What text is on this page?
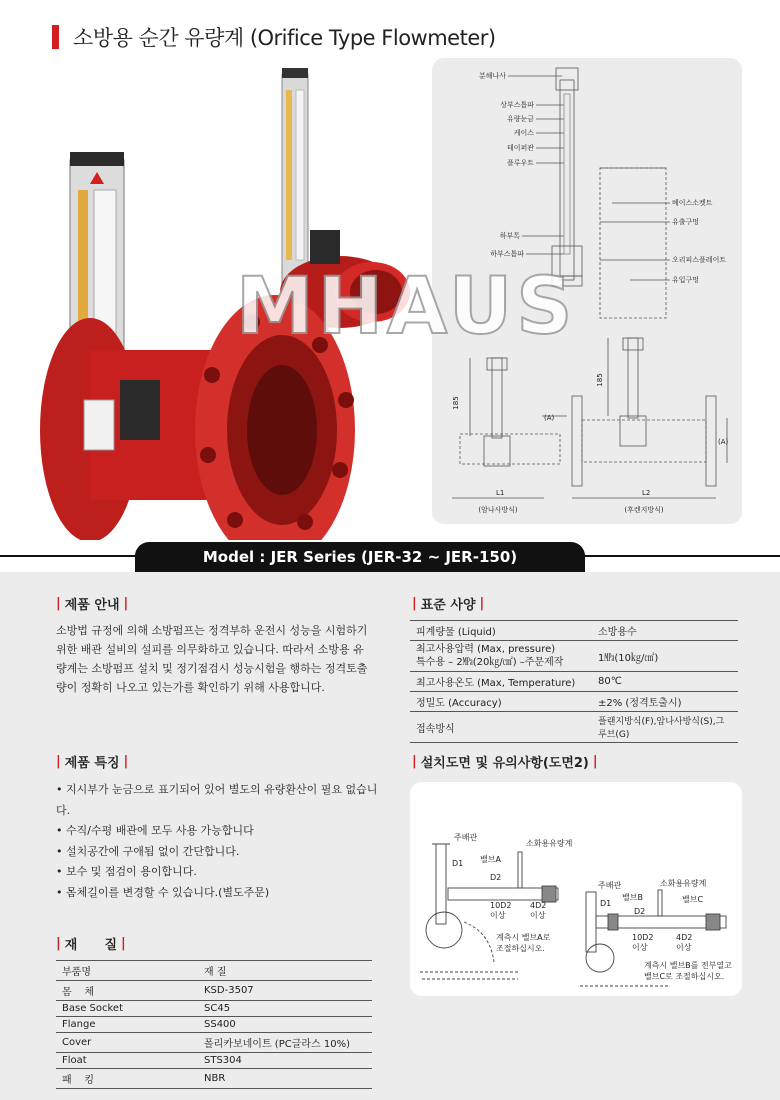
소방용 순간 유량계 (Orifice Type Flowmeter)
분해나사
상부스톱파
유량눈금
케이스
테이퍼관
플루우트
하부톡
하부스톱파
베이스소켓트
유출구멍
오리피스플레이트
유입구멍
185
185
(A)
(A)
L1	L2
(암나사방식)	(후렌지방식)
MHAUS
Model : JER Series (JER-32 ~ JER-150)
| 제품 안내 |
소방법 규정에 의해 소방펌프는 정격부하 운전시 성능을 시험하기위한 배관 설비의 설피를 의무화하고 있습니다. 따라서 소방용 유량계는 소방펌프 설치 및 정기점검시 성능시험을 행하는 정격토출량이 정확히 나오고 있는가를 확인하기 위해 사용합니다.
| 제품 특징 |
• 지시부가 눈금으로 표기되어 있어 별도의 유량환산이 필요 없습니다.
• 수직/수평 배관에 모두 사용 가능합니다
• 설치공간에 구애됨 없이 간단합니다.
• 보수 및 점검이 용이합니다.
• 몸체길이를 변경할 수 있습니다.(별도주문)
| 재      질 |
부품명	재 질
몸    체	KSD-3507
Base Socket	SC45
Flange	SS400
Cover	폴리카보네이트 (PC글라스 10%)
Float	STS304
패    킹	NBR
| 표준 사양 |
피계량물 (Liquid)	소방용수
최고사용압력 (Max, pressure)
특수용 – 2㎫(20㎏/㎠) –주문제작	1㎫(10㎏/㎠)
최고사용온도 (Max, Temperature)	80℃
정밀도 (Accuracy)	±2% (정격토출시)
접속방식	플랜지방식(F),암나사방식(S),그루브(G)
| 설치도면 및 유의사항(도면2) |
주배관
소화용유량계
밸브A
D1
D2
10D2
이상
4D2
이상
계측시 밸브A로
조절하십시오.
주배관	소화용유량계
밸브C
밸브B
D1
D2
10D2
이상
4D2
이상
계측시 밸브B를 전부열고
밸브C로 조절하십시오.
